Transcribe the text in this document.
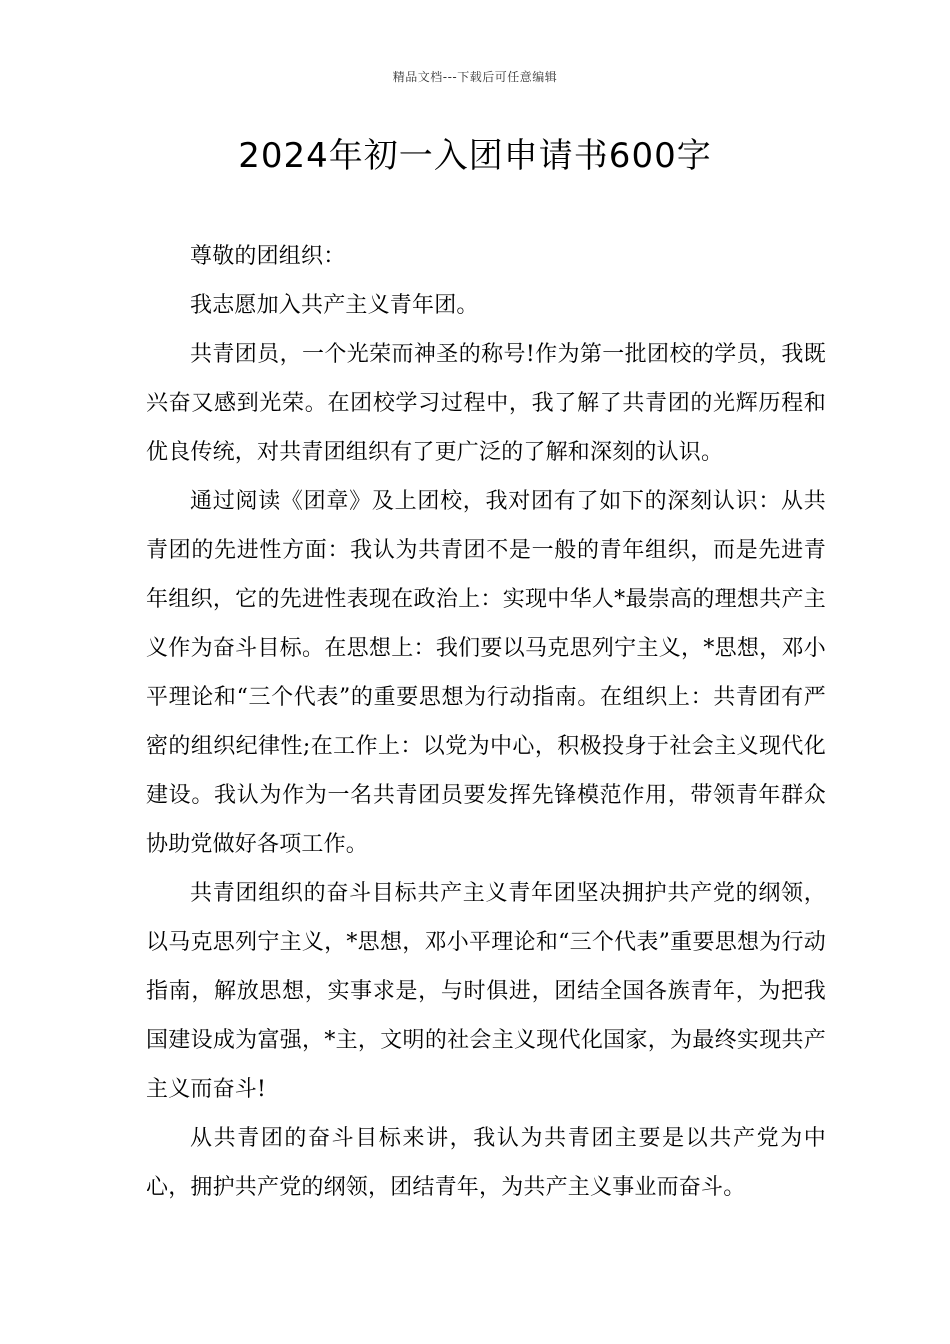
精品文档---下载后可任意编辑
2024年初一入团申请书600字

尊敬的团组织：

我志愿加入共产主义青年团。

共青团员，一个光荣而神圣的称号!作为第一批团校的学员，我既兴奋又感到光荣。在团校学习过程中，我了解了共青团的光辉历程和优良传统，对共青团组织有了更广泛的了解和深刻的认识。

通过阅读《团章》及上团校，我对团有了如下的深刻认识：从共青团的先进性方面：我认为共青团不是一般的青年组织，而是先进青年组织，它的先进性表现在政治上：实现中华人*最崇高的理想共产主义作为奋斗目标。在思想上：我们要以马克思列宁主义，*思想，邓小平理论和“三个代表”的重要思想为行动指南。在组织上：共青团有严密的组织纪律性;在工作上：以党为中心，积极投身于社会主义现代化建设。我认为作为一名共青团员要发挥先锋模范作用，带领青年群众协助党做好各项工作。

共青团组织的奋斗目标共产主义青年团坚决拥护共产党的纲领，以马克思列宁主义，*思想，邓小平理论和“三个代表”重要思想为行动指南，解放思想，实事求是，与时俱进，团结全国各族青年，为把我国建设成为富强，*主，文明的社会主义现代化国家，为最终实现共产主义而奋斗!

从共青团的奋斗目标来讲，我认为共青团主要是以共产党为中心，拥护共产党的纲领，团结青年，为共产主义事业而奋斗。
